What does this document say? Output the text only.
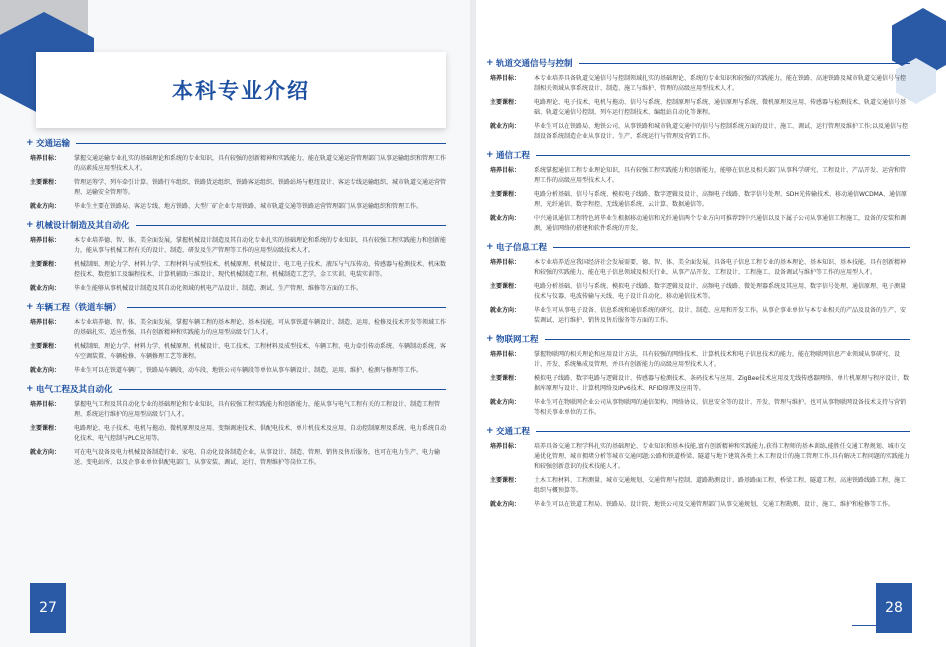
本科专业介绍
+ 交通运输
培养目标：	掌握交通运输专业扎实的基础理论和系统的专业知识，具有较强的创新精神和实践能力，能在轨道交通运营管理部门从事运输组织和管理工作的高素质应用型技术人才。
主要课程：	管理运筹学、列车牵引计算、铁路行车组织、铁路货运组织、铁路客运组织、铁路站场与枢纽设计、客运专线运输组织、城市轨道交通运营管理、运输安全管理等。
就业方向：	毕业生主要在铁路局、客运专线、地方铁路、大型厂矿企业专用铁路、城市轨道交通等铁路运营管理部门从事运输组织和管理工作。
+ 机械设计制造及其自动化
培养目标：	本专业培养德、智、体、美全面发展，掌握机械设计制造及其自动化专业扎实的基础理论和系统的专业知识，具有较强工程实践能力和创新能力，能从事与机械工程有关的设计、制造、研发及生产管理等工作的应用型高级技术人才。
主要课程：	机械制图、理论力学、材料力学、工程材料与成型技术、机械原理、机械设计、电工电子技术、液压与气压传动、传感器与检测技术、机床数控技术、数控加工及编程技术、计算机辅助三维设计、现代机械制造工程、机械制造工艺学，金工实训、电装实训等。
就业方向：	毕业生能够从事机械设计制造及其自动化领域的机电产品设计、制造、测试、生产管理、维修等方面的工作。
+ 车辆工程（铁道车辆）
培养目标：	本专业培养德、智、体、美全面发展，掌握车辆工程的基本理论、基本技能，可从事铁道车辆设计、制造、运用、检修及技术开发等领域工作的基础扎实、适应性强、具有创新精神和实践能力的应用型高级专门人才。
主要课程：	机械制图、理论力学、材料力学、机械原理、机械设计、电工技术、工程材料及成型技术、车辆工程、电力牵引传动系统、车辆制动系统、客车空调装置、车辆检修、车辆修理工艺等课程。
就业方向：	毕业生可以在铁道车辆厂，铁路局车辆段、动车段、地铁公司车辆段等单位从事车辆设计、制造，运用、维护、检测与修理等工作。
+ 电气工程及其自动化
培养目标：	掌握电气工程及其自动化专业的基础理论和专业知识，具有较强工程实践能力和创新能力，能从事与电气工程有关的工程设计、制造工程管理、系统运行维护的应用型高级专门人才。
主要课程：	电路理论、电子技术、电机与拖动、微机原理及应用、变频调速技术、供配电技术、单片机技术及应用、自动控制原理及系统、电力系统自动化技术、电气控制与PLC应用等。
就业方向：	可在电气设备及电力机械设备制造行业、家电、自动化设备制造企业，从事设计、制造、管理、销售及售后服务，也可在电力生产、电力输送、变电站所、以及企事业单位供配电部门，从事安装、调试、运行、管理维护等岗位工作。
27
+ 轨道交通信号与控制
培养目标：	本专业培养具备轨道交通信号与控制领域扎实的基础理论、系统的专业知识和较强的实践能力，能在铁路、高速铁路及城市轨道交通信号与控制相关领域从事系统设计、制造、施工与维护、管理的高级应用型技术人才。
主要课程：	电路理论、电子技术、电机与拖动、信号与系统、控制原理与系统、通信原理与系统、微机原理及应用、传感器与检测技术、轨道交通信号基础、轨道交通信号控制、列车运行控制技术、编组站自动化等课程。
就业方向：	毕业生可以在铁路局、地铁公司，从事铁路和城市轨道交通中的信号与控制系统方面的设计、施工、调试、运行管理及维护工作;以及通信与控制设备系统制造企业从事设计、生产、系统运行与管理及营销工作。
+ 通信工程
培养目标：	系统掌握通信工程专业理论知识，具有较强工程实践能力和创新能力，能够在信息及相关部门从事科学研究、工程设计、产品开发、运营和管理工作的高级应用型技术人才。
主要课程：	电路分析基础、信号与系统、模拟电子线路、数字逻辑及设计、高频电子线路、数字信号处理、SDH光传输技术、移动通信WCDMA、通信原理、光纤通信、数字程控、无线通信系统、云计算、数据通信等。
就业方向：	中兴通讯通信工程特色班毕业生根据移动通信和光纤通信两个专业方向可推荐到中兴通信以及下属子公司从事通信工程施工，设备的安装和调测，通信网络的搭建和软件系统的开发。
+ 电子信息工程
培养目标：	本专业培养适应我国经济社会发展需要，德、智、体、美全面发展，具备电子信息工程专业的基本理论、基本知识、基本技能，具有创新精神和较强的实践能力，能在电子信息领域及相关行业，从事产品开发、工程设计、工程施工、设备调试与维护等工作的应用型人才。
主要课程：	电路分析基础、信号与系统、模拟电子线路、数字逻辑及设计、高频电子线路、微处理器系统及其应用、数字信号处理、通信原理、电子测量技术与仪器、电波传输与天线、电子设计自动化、移动通信技术等。
就业方向：	毕业生可从事电子设备、信息系统和通信系统的研究、设计、制造、应用和开发工作。从事企事业单位与本专业相关的产品及设备的生产、安装调试、运行维护、销售及售后服务等方面的工作。
+ 物联网工程
培养目标：	掌握物联网的相关理论和应用设计方法，具有较强的网络技术、计算机技术和电子信息技术的能力，能在物联网信息产业领域从事研究、设计、开发、系统集成及管理，并具有创新能力的高级应用型技术人才。
主要课程：	模拟电子线路、数字电路与逻辑设计、传感器与检测技术、条码技术与应用、ZigBee技术应用及无线传感器网络、单片机原理与程序设计、数据库原理与设计、计算机网络及IPv6技术、RFID原理及应用等。
就业方向：	毕业生可在物联网企业公司从事物联网的通信架构、网络协议、信息安全等的设计、开发、管理与维护。也可从事物联网设备技术支持与营销等相关事业单位的工作。
+ 交通工程
培养目标：	培养具备交通工程学科扎实的基础理论、专业知识和基本技能,富有创新精神和实践能力,获得工程师的基本训练,能胜任交通工程规划、城市交通优化管理、城市拥堵分析等城市交通问题;公路和铁道桥梁、隧道与地下建筑各类土木工程设计的施工管理工作,具有解决工程问题的实践能力和较强创新意识的技术技能人才。
主要课程：	土木工程材料、工程测量、城市交通规划、交通管理与控制、道路勘测设计、路基路面工程、桥梁工程、隧道工程、高速铁路线路工程、施工组织与概预算等。
就业方向：	毕业生可以在铁道工程局、铁路局、设计院、地铁公司及交通管理部门从事交通规划，交通工程勘测、设计、施工、维护和检修等工作。
28
